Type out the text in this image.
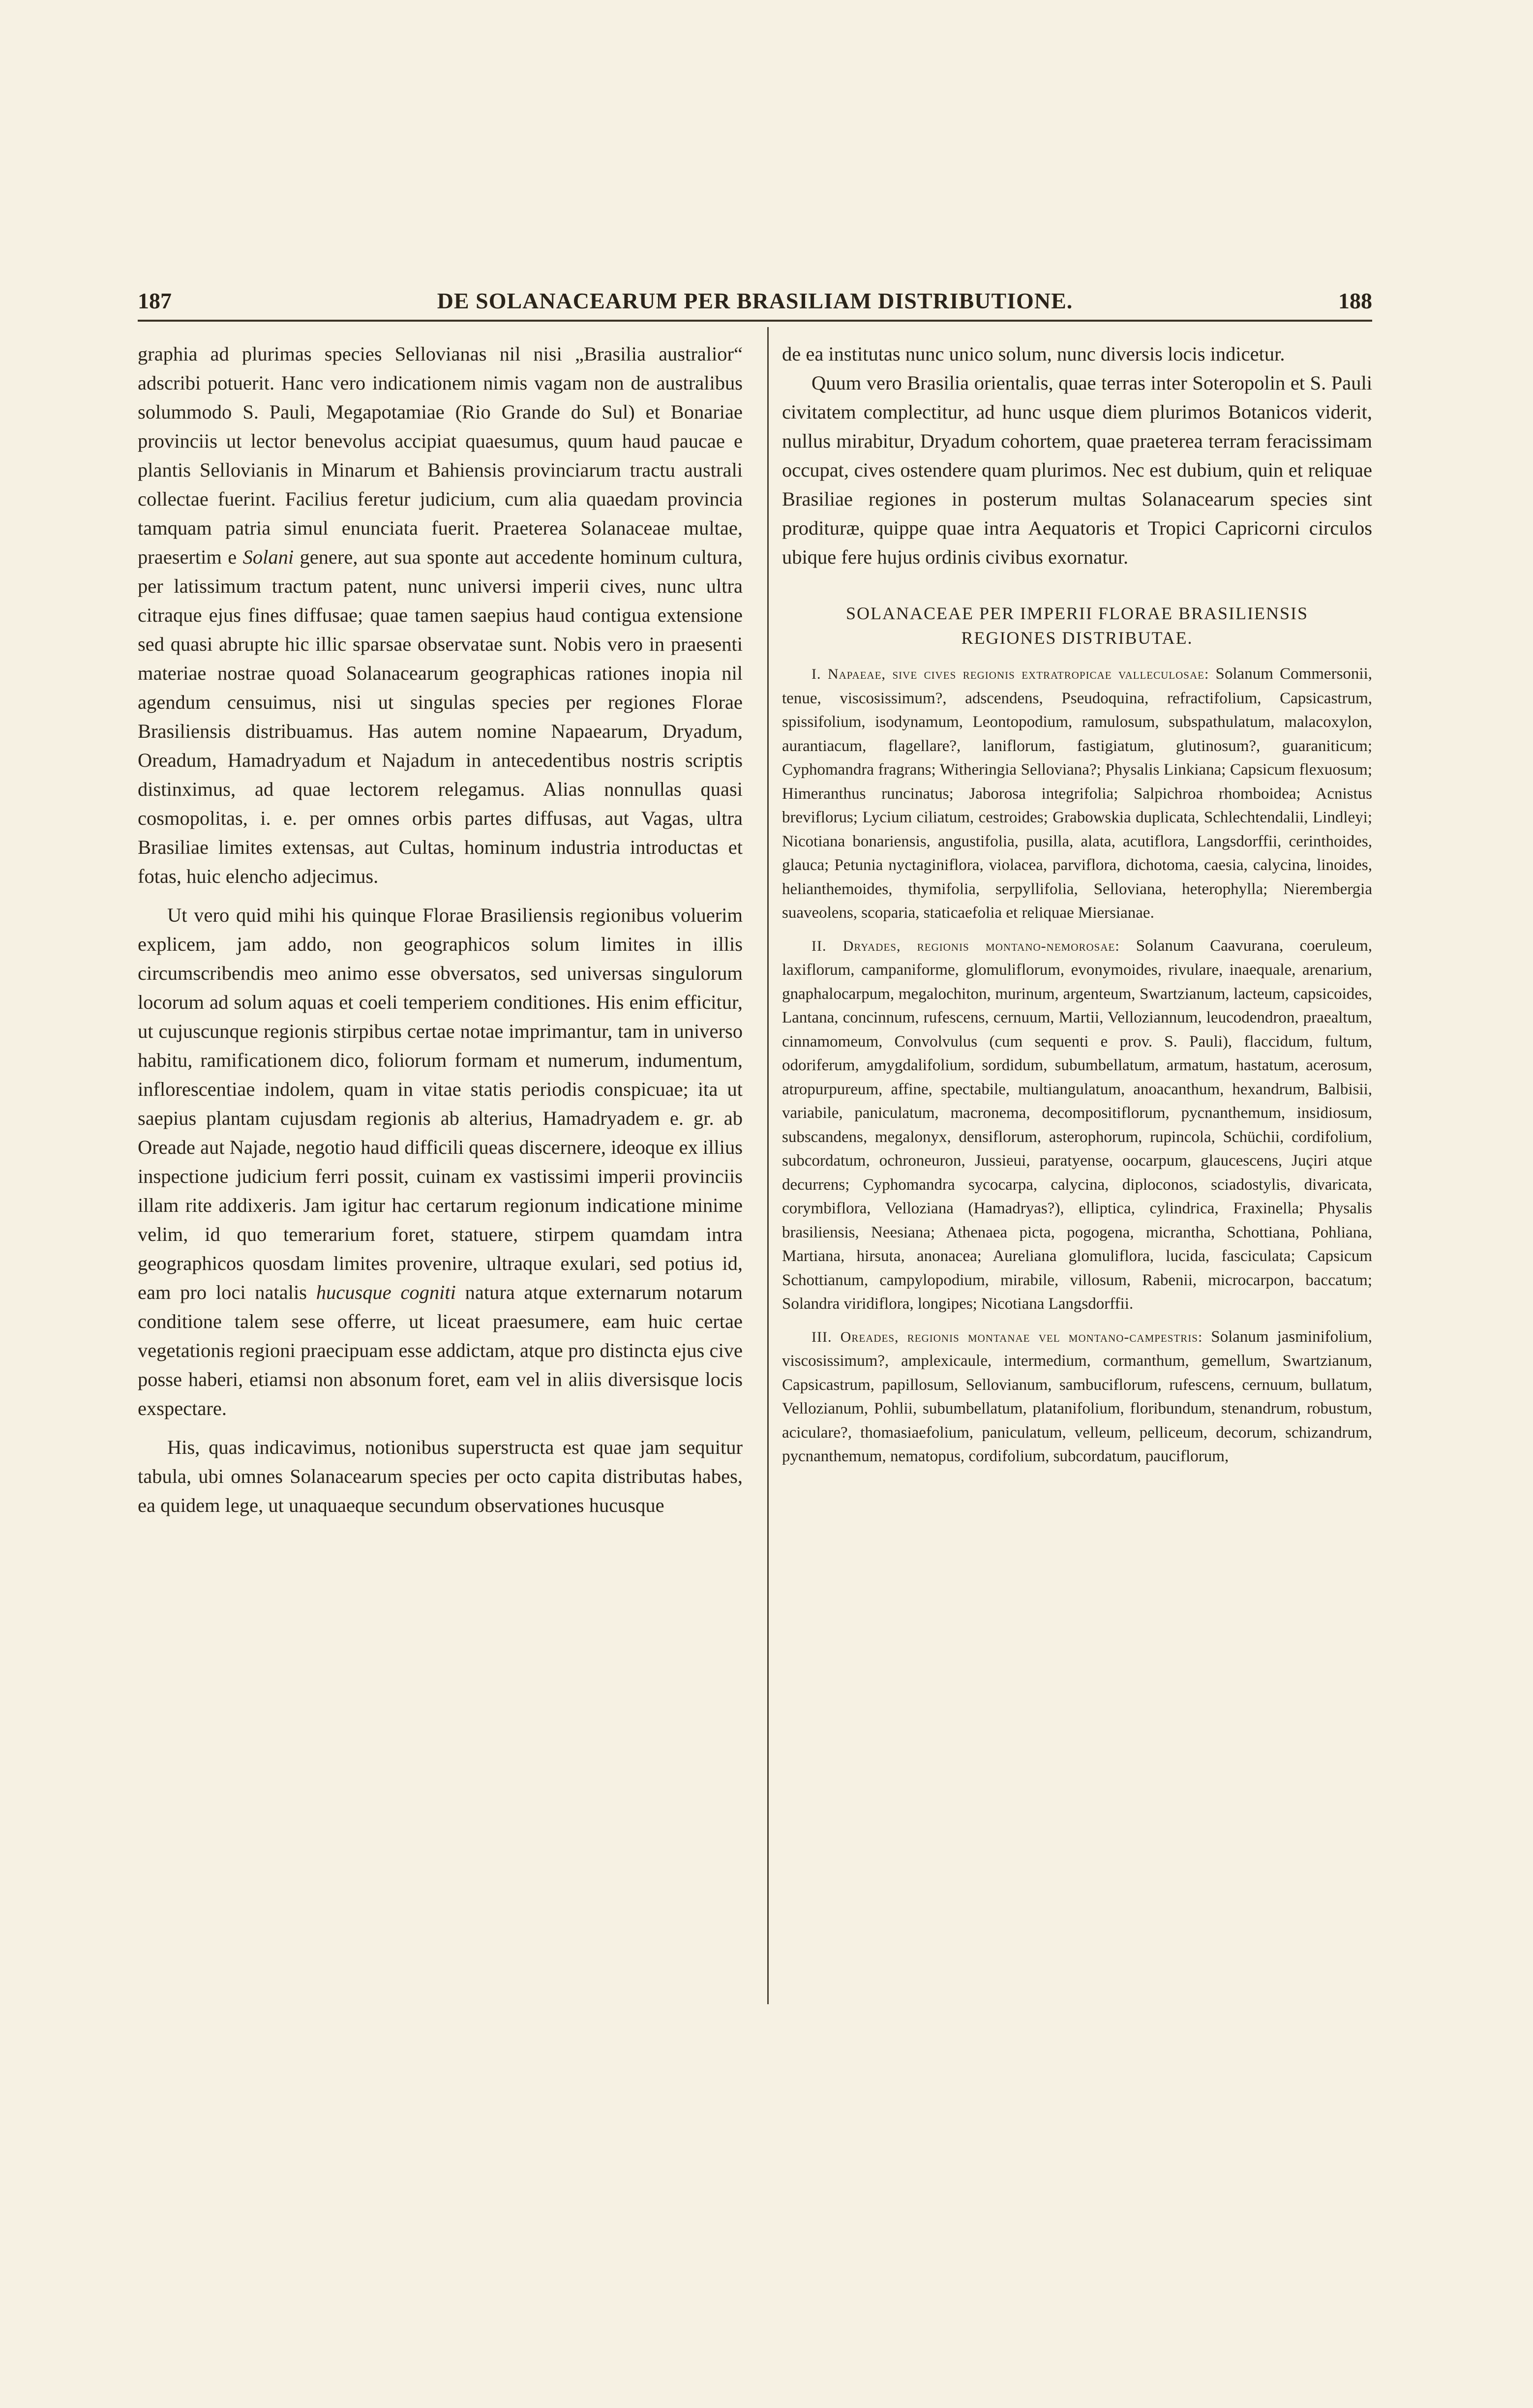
187	DE SOLANACEARUM PER BRASILIAM DISTRIBUTIONE.	188

graphia ad plurimas species Sellovianas nil nisi „Brasilia australior“ adscribi potuerit. Hanc vero indicationem nimis vagam non de australibus solummodo S. Pauli, Megapotamiae (Rio Grande do Sul) et Bonariae provinciis ut lector benevolus accipiat quaesumus, quum haud paucae e plantis Sellovianis in Minarum et Bahiensis provinciarum tractu australi collectae fuerint. Facilius feretur judicium, cum alia quaedam provincia tamquam patria simul enunciata fuerit. Praeterea Solanaceae multae, praesertim e Solani genere, aut sua sponte aut accedente hominum cultura, per latissimum tractum patent, nunc universi imperii cives, nunc ultra citraque ejus fines diffusae; quae tamen saepius haud contigua extensione sed quasi abrupte hic illic sparsae observatae sunt. Nobis vero in praesenti materiae nostrae quoad Solanacearum geographicas rationes inopia nil agendum censuimus, nisi ut singulas species per regiones Florae Brasiliensis distribuamus. Has autem nomine Napaearum, Dryadum, Oreadum, Hamadryadum et Najadum in antecedentibus nostris scriptis distinximus, ad quae lectorem relegamus. Alias nonnullas quasi cosmopolitas, i. e. per omnes orbis partes diffusas, aut Vagas, ultra Brasiliae limites extensas, aut Cultas, hominum industria introductas et fotas, huic elencho adjecimus.

Ut vero quid mihi his quinque Florae Brasiliensis regionibus voluerim explicem, jam addo, non geographicos solum limites in illis circumscribendis meo animo esse obversatos, sed universas singulorum locorum ad solum aquas et coeli temperiem conditiones. His enim efficitur, ut cujuscunque regionis stirpibus certae notae imprimantur, tam in universo habitu, ramificationem dico, foliorum formam et numerum, indumentum, inflorescentiae indolem, quam in vitae statis periodis conspicuae; ita ut saepius plantam cujusdam regionis ab alterius, Hamadryadem e. gr. ab Oreade aut Najade, negotio haud difficili queas discernere, ideoque ex illius inspectione judicium ferri possit, cuinam ex vastissimi imperii provinciis illam rite addixeris. Jam igitur hac certarum regionum indicatione minime velim, id quo temerarium foret, statuere, stirpem quamdam intra geographicos quosdam limites provenire, ultraque exulari, sed potius id, eam pro loci natalis hucusque cogniti natura atque externarum notarum conditione talem sese offerre, ut liceat praesumere, eam huic certae vegetationis regioni praecipuam esse addictam, atque pro distincta ejus cive posse haberi, etiamsi non absonum foret, eam vel in aliis diversisque locis exspectare.

His, quas indicavimus, notionibus superstructa est quae jam sequitur tabula, ubi omnes Solanacearum species per octo capita distributas habes, ea quidem lege, ut unaquaeque secundum observationes hucusque

de ea institutas nunc unico solum, nunc diversis locis indicetur.

Quum vero Brasilia orientalis, quae terras inter Soteropolin et S. Pauli civitatem complectitur, ad hunc usque diem plurimos Botanicos viderit, nullus mirabitur, Dryadum cohortem, quae praeterea terram feracissimam occupat, cives ostendere quam plurimos. Nec est dubium, quin et reliquae Brasiliae regiones in posterum multas Solanacearum species sint prodituræ, quippe quae intra Aequatoris et Tropici Capricorni circulos ubique fere hujus ordinis civibus exornatur.

SOLANACEAE PER IMPERII FLORAE BRASILIENSIS
REGIONES DISTRIBUTAE.

I. Napaeae, sive cives regionis extratropicae valleculosae: Solanum Commersonii, tenue, viscosissimum?, adscendens, Pseudoquina, refractifolium, Capsicastrum, spissifolium, isodynamum, Leontopodium, ramulosum, subspathulatum, malacoxylon, aurantiacum, flagellare?, laniflorum, fastigiatum, glutinosum?, guaraniticum; Cyphomandra fragrans; Witheringia Selloviana?; Physalis Linkiana; Capsicum flexuosum; Himeranthus runcinatus; Jaborosa integrifolia; Salpichroa rhomboidea; Acnistus breviflorus; Lycium ciliatum, cestroides; Grabowskia duplicata, Schlechtendalii, Lindleyi; Nicotiana bonariensis, angustifolia, pusilla, alata, acutiflora, Langsdorffii, cerinthoides, glauca; Petunia nyctaginiflora, violacea, parviflora, dichotoma, caesia, calycina, linoides, helianthemoides, thymifolia, serpyllifolia, Selloviana, heterophylla; Nierembergia suaveolens, scoparia, staticaefolia et reliquae Miersianae.

II. Dryades, regionis montano-nemorosae: Solanum Caavurana, coeruleum, laxiflorum, campaniforme, glomuliflorum, evonymoides, rivulare, inaequale, arenarium, gnaphalocarpum, megalochiton, murinum, argenteum, Swartzianum, lacteum, capsicoides, Lantana, concinnum, rufescens, cernuum, Martii, Velloziannum, leucodendron, praealtum, cinnamomeum, Convolvulus (cum sequenti e prov. S. Pauli), flaccidum, fultum, odoriferum, amygdalifolium, sordidum, subumbellatum, armatum, hastatum, acerosum, atropurpureum, affine, spectabile, multiangulatum, anoacanthum, hexandrum, Balbisii, variabile, paniculatum, macronema, decompositiflorum, pycnanthemum, insidiosum, subscandens, megalonyx, densiflorum, asterophorum, rupincola, Schüchii, cordifolium, subcordatum, ochroneuron, Jussieui, paratyense, oocarpum, glaucescens, Juçiri atque decurrens; Cyphomandra sycocarpa, calycina, diploconos, sciadostylis, divaricata, corymbiflora, Velloziana (Hamadryas?), elliptica, cylindrica, Fraxinella; Physalis brasiliensis, Neesiana; Athenaea picta, pogogena, micrantha, Schottiana, Pohliana, Martiana, hirsuta, anonacea; Aureliana glomuliflora, lucida, fasciculata; Capsicum Schottianum, campylopodium, mirabile, villosum, Rabenii, microcarpon, baccatum; Solandra viridiflora, longipes; Nicotiana Langsdorffii.

III. Oreades, regionis montanae vel montano-campestris: Solanum jasminifolium, viscosissimum?, amplexicaule, intermedium, cormanthum, gemellum, Swartzianum, Capsicastrum, papillosum, Sellovianum, sambuciflorum, rufescens, cernuum, bullatum, Vellozianum, Pohlii, subumbellatum, platanifolium, floribundum, stenandrum, robustum, aciculare?, thomasiaefolium, paniculatum, velleum, pelliceum, decorum, schizandrum, pycnanthemum, nematopus, cordifolium, subcordatum, pauciflorum,
